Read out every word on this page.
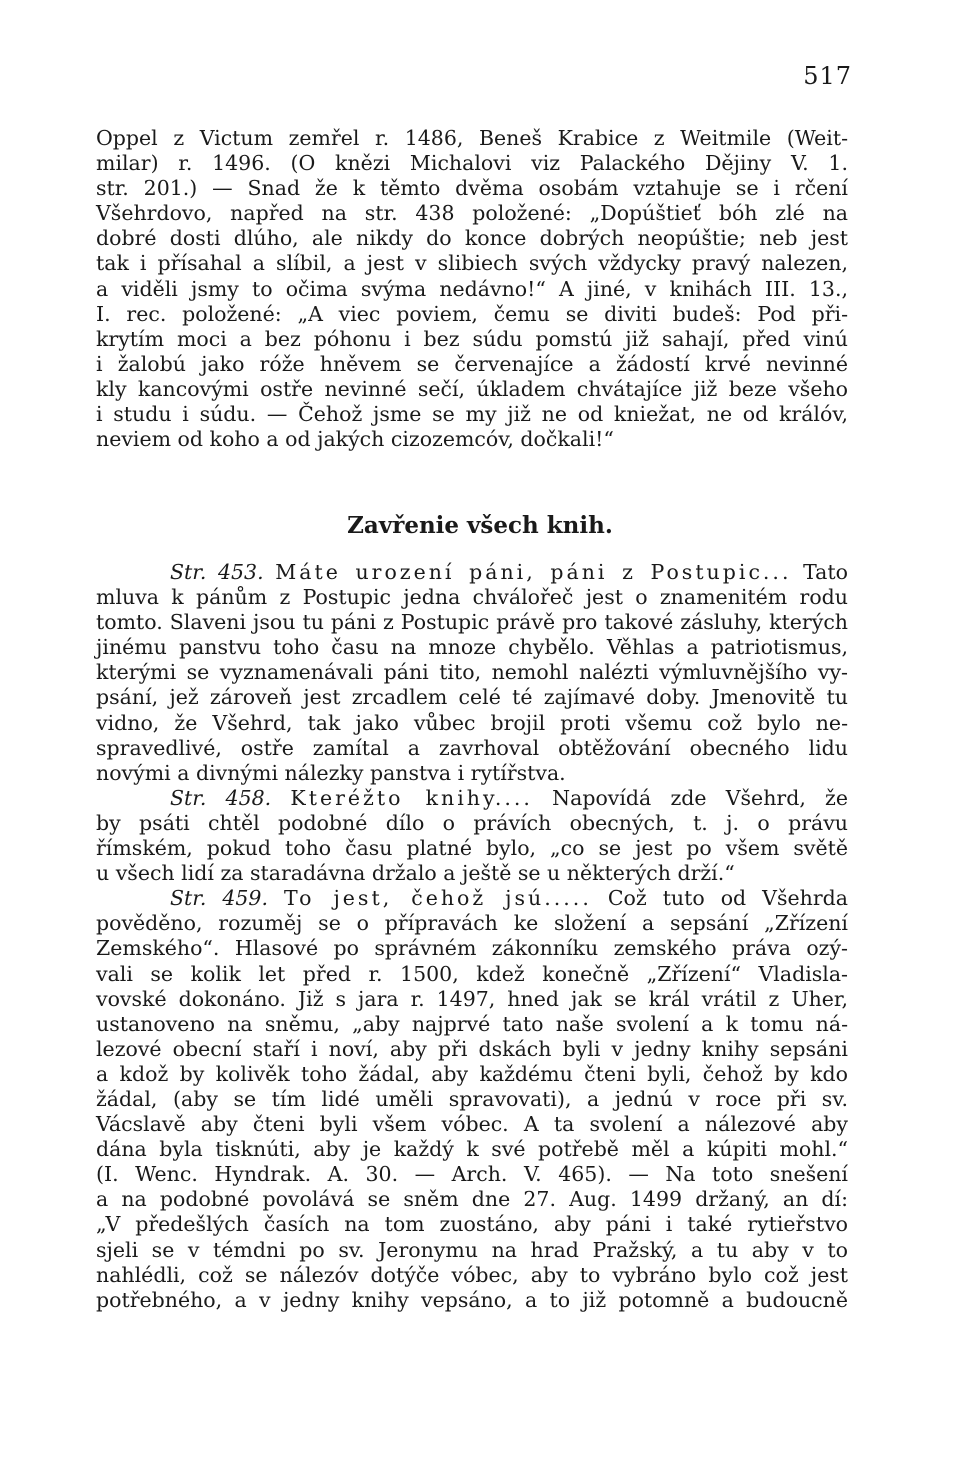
517
Oppel z Victum zemřel r. 1486, Beneš Krabice z Weitmile (Weit-
milar) r. 1496. (O knězi Michalovi viz Palackého Dějiny V. 1.
str. 201.) — Snad že k těmto dvěma osobám vztahuje se i rčení
Všehrdovo, napřed na str. 438 položené: „Dopúštieť bóh zlé na
dobré dosti dlúho, ale nikdy do konce dobrých neopúštie; neb jest
tak i přísahal a slíbil, a jest v slibiech svých vždycky pravý nalezen,
a viděli jsmy to očima svýma nedávno!“ A jiné, v knihách III. 13.,
I. rec. položené: „A viec poviem, čemu se diviti budeš: Pod při-
krytím moci a bez póhonu i bez súdu pomstú již sahají, před vinú
i žalobú jako róže hněvem se červenajíce a žádostí krvé nevinné
kly kancovými ostře nevinné sečí, úkladem chvátajíce již beze všeho
i studu i súdu. — Čehož jsme se my již ne od kniežat, ne od králóv,
neviem od koho a od jakých cizozemcóv, dočkali!“
Zavřenie všech knih.
Str. 453. Máte urození páni, páni z Postupic... Tato
mluva k pánům z Postupic jedna chválořeč jest o znamenitém rodu
tomto. Slaveni jsou tu páni z Postupic právě pro takové zásluhy, kterých
jinému panstvu toho času na mnoze chybělo. Věhlas a patriotismus,
kterými se vyznamenávali páni tito, nemohl nalézti výmluvnějšího vy-
psání, jež zároveň jest zrcadlem celé té zajímavé doby. Jmenovitě tu
vidno, že Všehrd, tak jako vůbec brojil proti všemu což bylo ne-
spravedlivé, ostře zamítal a zavrhoval obtěžování obecného lidu
novými a divnými nálezky panstva i rytířstva.
Str. 458. Kteréžto knihy.... Napovídá zde Všehrd, že
by psáti chtěl podobné dílo o právích obecných, t. j. o právu
římském, pokud toho času platné bylo, „co se jest po všem světě
u všech lidí za staradávna držalo a ještě se u některých drží.“
Str. 459. To jest, čehož jsú..... Což tuto od Všehrda
pověděno, rozuměj se o přípravách ke složení a sepsání „Zřízení
Zemského“. Hlasové po správném zákonníku zemského práva ozý-
vali se kolik let před r. 1500, kdež konečně „Zřízení“ Vladisla-
vovské dokonáno. Již s jara r. 1497, hned jak se král vrátil z Uher,
ustanoveno na sněmu, „aby najprvé tato naše svolení a k tomu ná-
lezové obecní staří i noví, aby při dskách byli v jedny knihy sepsáni
a kdož by kolivěk toho žádal, aby každému čteni byli, čehož by kdo
žádal, (aby se tím lidé uměli spravovati), a jednú v roce při sv.
Vácslavě aby čteni byli všem vóbec. A ta svolení a nálezové aby
dána byla tisknúti, aby je každý k své potřebě měl a kúpiti mohl.“
(I. Wenc. Hyndrak. A. 30. — Arch. V. 465). — Na toto snešení
a na podobné povolává se sněm dne 27. Aug. 1499 držaný, an dí:
„V předešlých časích na tom zuostáno, aby páni i také rytieřstvo
sjeli se v témdni po sv. Jeronymu na hrad Pražský, a tu aby v to
nahlédli, což se nálezóv dotýče vóbec, aby to vybráno bylo což jest
potřebného, a v jedny knihy vepsáno, a to již potomně a budoucně
